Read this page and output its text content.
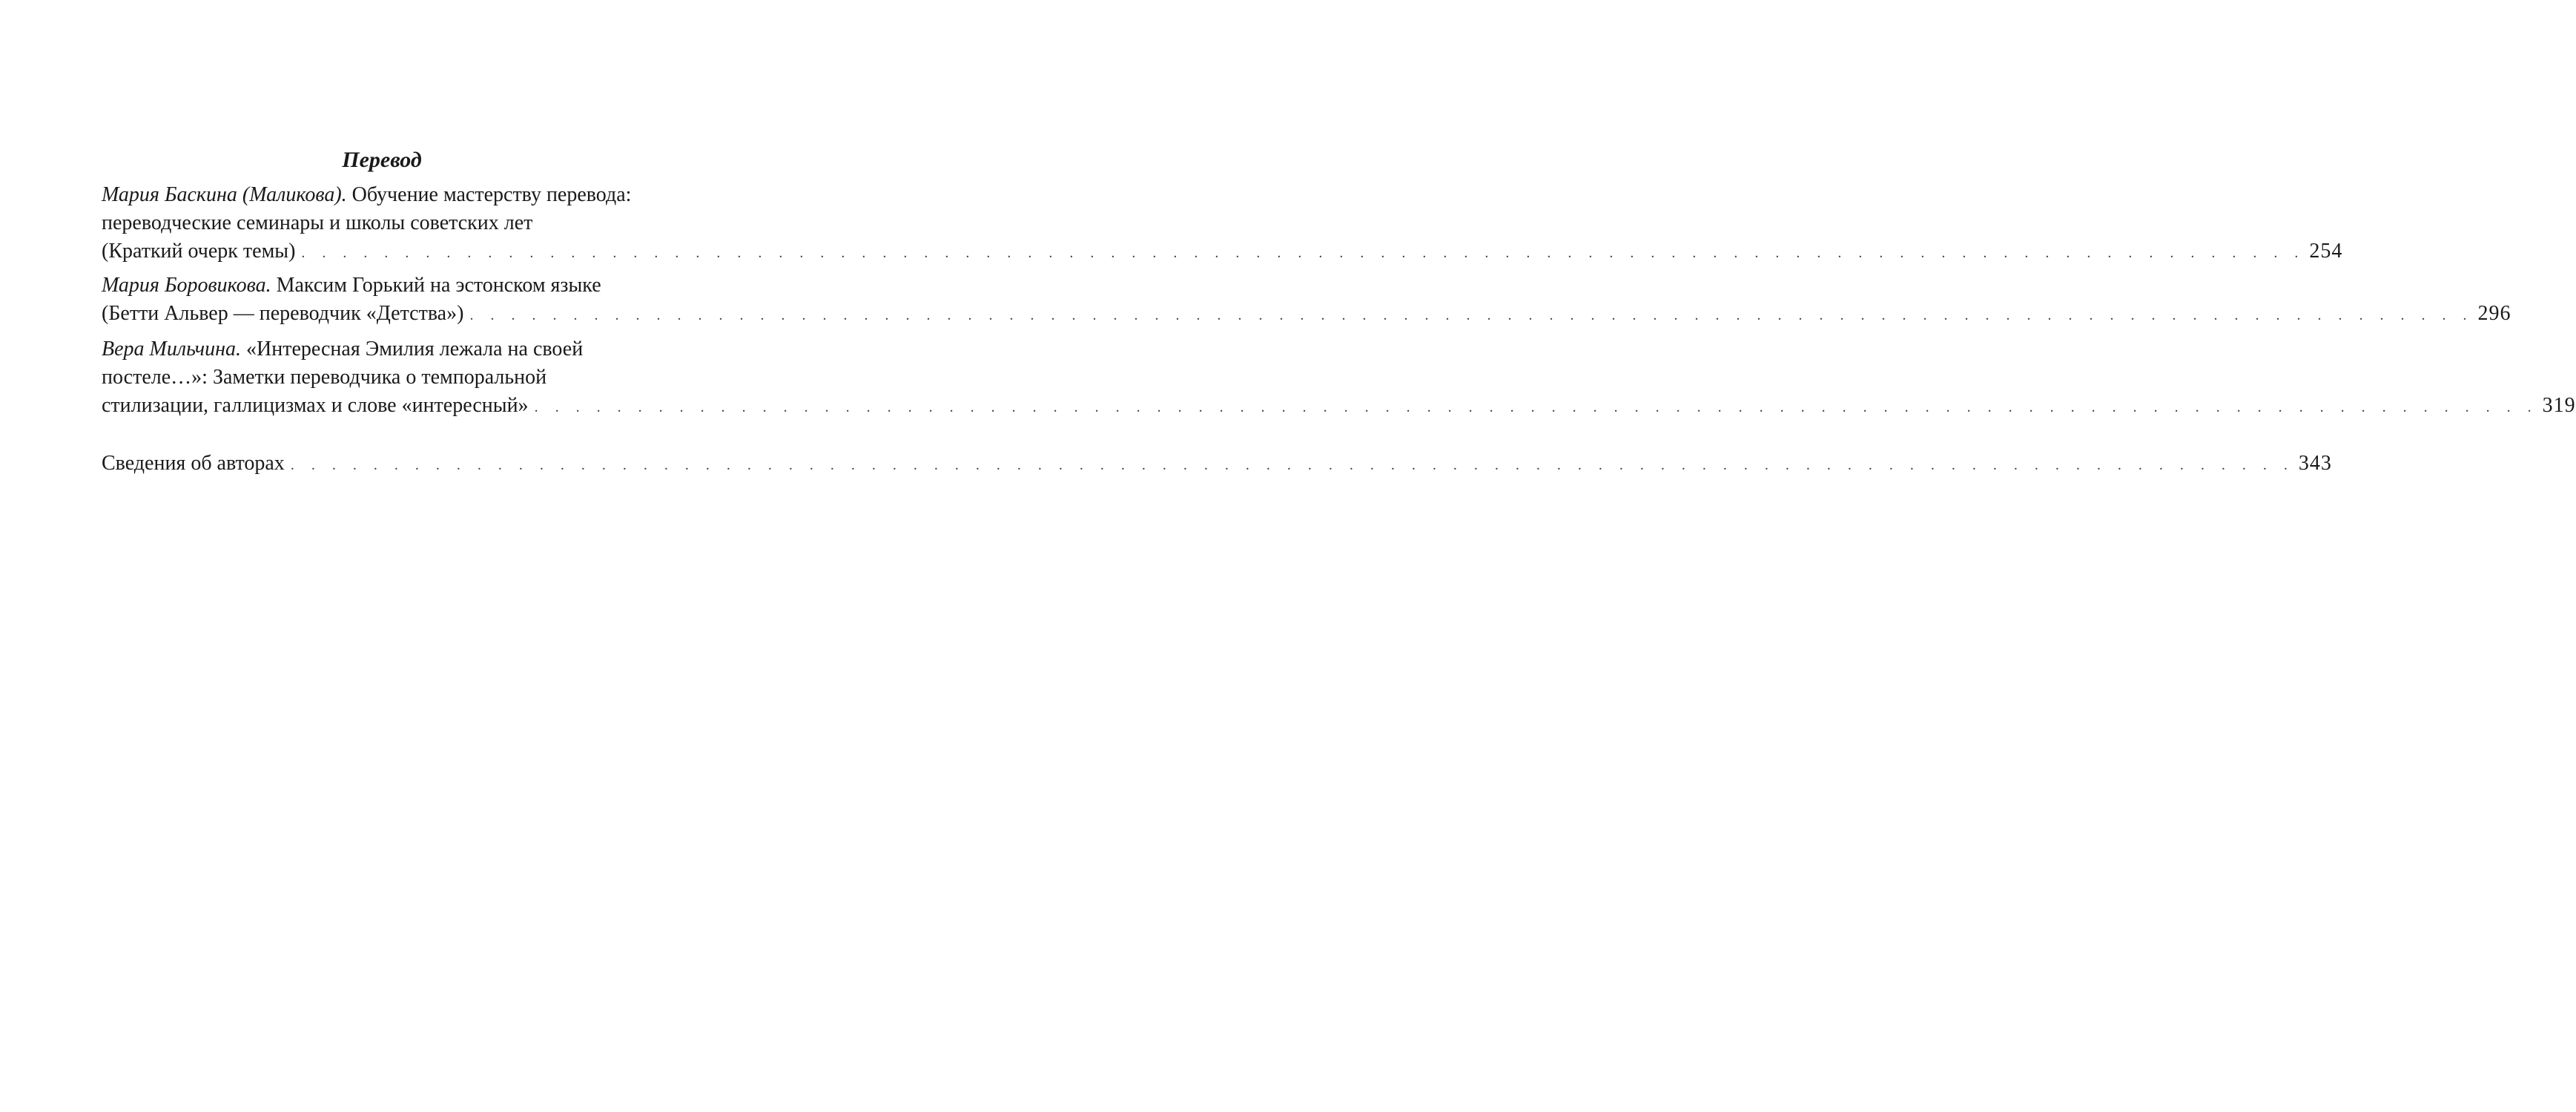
Перевод
Мария Баскина (Маликова). Обучение мастерству перевода:
переводческие семинары и школы советских лет
(Краткий очерк темы) . . . . . . . . . . . . . . . . . . . . . . . . . . . . . . . . . . . . . . . . . . . . . . . . . . . . . . . . . . . . . . . . . . . . . . . . . . . . . . . . . . . . . . . . . . . . . . . . . 254
Мария Боровикова. Максим Горький на эстонском языке
(Бетти Альвер — переводчик «Детства») . . . . . . . . . . . . . . . . . . . . . . . . . . . . . . . . . . . . . . . . . . . . . . . . . . . . . . . . . . . . . . . . . . . . . . . . . . . . . . . . . . . . . . . . . . . . . . . . . 296
Вера Мильчина. «Интересная Эмилия лежала на своей
постеле…»: Заметки переводчика о темпоральной
стилизации, галлицизмах и слове «интересный» . . . . . . . . . . . . . . . . . . . . . . . . . . . . . . . . . . . . . . . . . . . . . . . . . . . . . . . . . . . . . . . . . . . . . . . . . . . . . . . . . . . . . . . . . . . . . . . . . 319
Сведения об авторах . . . . . . . . . . . . . . . . . . . . . . . . . . . . . . . . . . . . . . . . . . . . . . . . . . . . . . . . . . . . . . . . . . . . . . . . . . . . . . . . . . . . . . . . . . . . . . . . . 343
